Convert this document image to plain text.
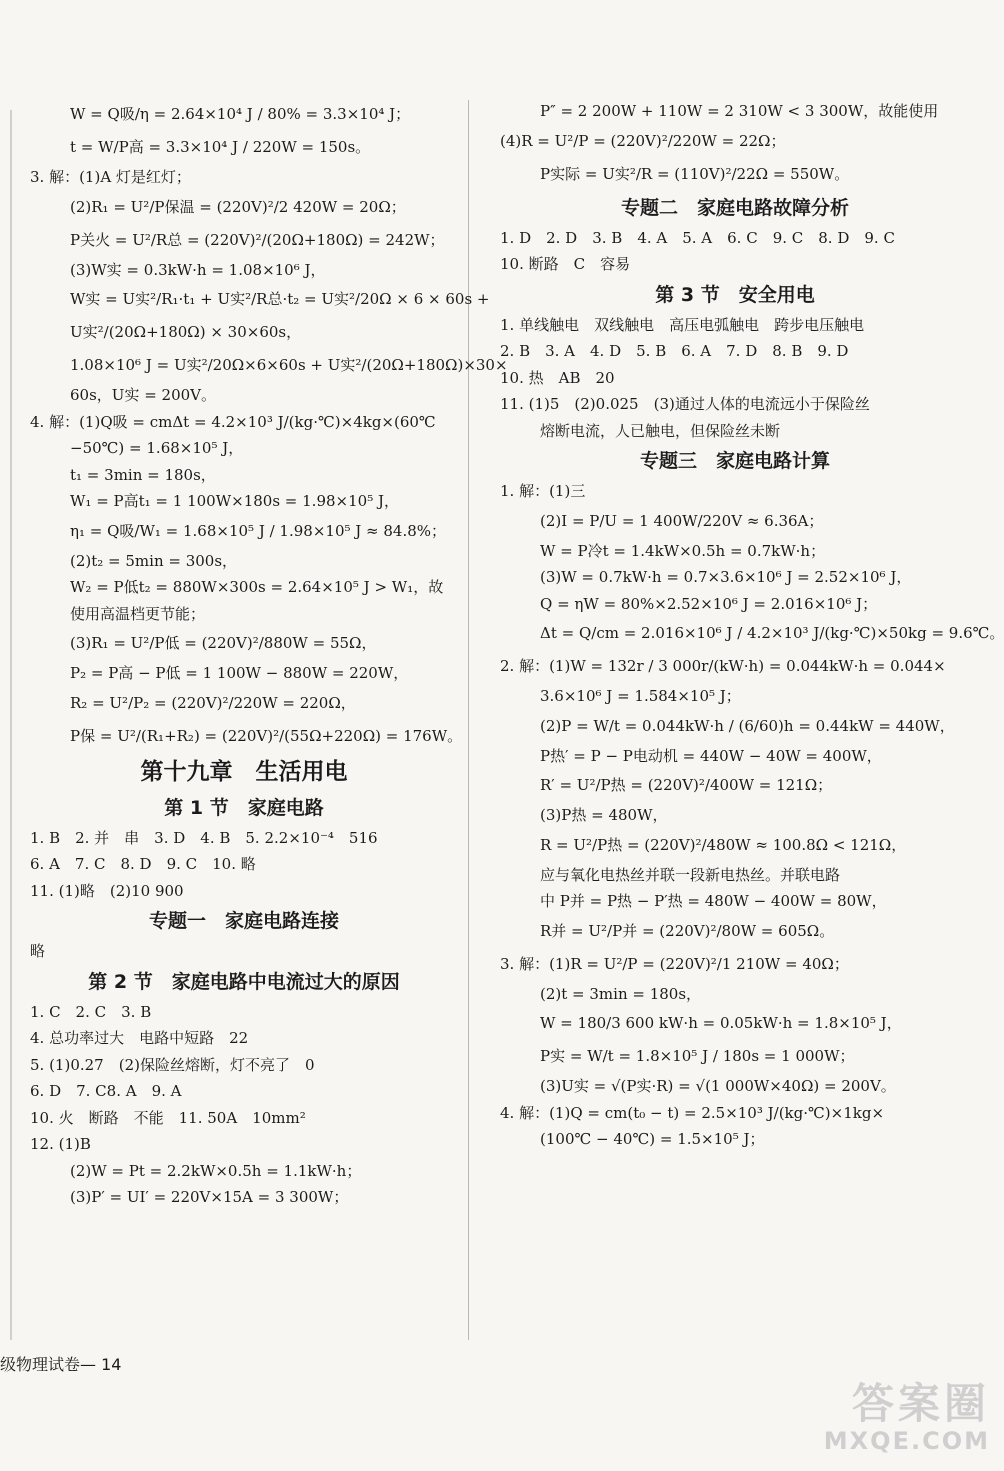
W = Q吸/η = 2.64×10⁴ J / 80% = 3.3×10⁴ J；
t = W/P高 = 3.3×10⁴ J / 220W = 150s。
3. 解：(1)A 灯是红灯；
(2)R₁ = U²/P保温 = (220V)²/2 420W = 20Ω；
P关火 = U²/R总 = (220V)²/(20Ω+180Ω) = 242W；
(3)W实 = 0.3kW·h = 1.08×10⁶ J，
W实 = U实²/R₁·t₁ + U实²/R总·t₂ = U实²/20Ω × 6 × 60s +
U实²/(20Ω+180Ω) × 30×60s，
1.08×10⁶ J = U实²/20Ω×6×60s + U实²/(20Ω+180Ω)×30×
60s，U实 = 200V。
4. 解：(1)Q吸 = cmΔt = 4.2×10³ J/(kg·℃)×4kg×(60℃
−50℃) = 1.68×10⁵ J，
t₁ = 3min = 180s，
W₁ = P高t₁ = 1 100W×180s = 1.98×10⁵ J，
η₁ = Q吸/W₁ = 1.68×10⁵ J / 1.98×10⁵ J ≈ 84.8%；
(2)t₂ = 5min = 300s，
W₂ = P低t₂ = 880W×300s = 2.64×10⁵ J > W₁，故
使用高温档更节能；
(3)R₁ = U²/P低 = (220V)²/880W = 55Ω，
P₂ = P高 − P低 = 1 100W − 880W = 220W，
R₂ = U²/P₂ = (220V)²/220W = 220Ω，
P保 = U²/(R₁+R₂) = (220V)²/(55Ω+220Ω) = 176W。
第十九章　生活用电
第 1 节　家庭电路
1. B　2. 并　串　3. D　4. B　5. 2.2×10⁻⁴　516
6. A　7. C　8. D　9. C　10. 略
11. (1)略　(2)10 900
专题一　家庭电路连接
略
第 2 节　家庭电路中电流过大的原因
1. C　2. C　3. B
4. 总功率过大　电路中短路　22
5. (1)0.27　(2)保险丝熔断，灯不亮了　0
6. D　7. C8. A　9. A
10. 火　断路　不能　11. 50A　10mm²
12. (1)B
(2)W = Pt = 2.2kW×0.5h = 1.1kW·h；
(3)P′ = UI′ = 220V×15A = 3 300W；
P″ = 2 200W + 110W = 2 310W < 3 300W，故能使用
(4)R = U²/P = (220V)²/220W = 22Ω；
P实际 = U实²/R = (110V)²/22Ω = 550W。
专题二　家庭电路故障分析
1. D　2. D　3. B　4. A　5. A　6. C　9. C　8. D　9. C
10. 断路　C　容易
第 3 节　安全用电
1. 单线触电　双线触电　高压电弧触电　跨步电压触电
2. B　3. A　4. D　5. B　6. A　7. D　8. B　9. D
10. 热　AB　20
11. (1)5　(2)0.025　(3)通过人体的电流远小于保险丝
熔断电流，人已触电，但保险丝未断
专题三　家庭电路计算
1. 解：(1)三
(2)I = P/U = 1 400W/220V ≈ 6.36A；
W = P冷t = 1.4kW×0.5h = 0.7kW·h；
(3)W = 0.7kW·h = 0.7×3.6×10⁶ J = 2.52×10⁶ J，
Q = ηW = 80%×2.52×10⁶ J = 2.016×10⁶ J；
Δt = Q/cm = 2.016×10⁶ J / 4.2×10³ J/(kg·℃)×50kg = 9.6℃。
2. 解：(1)W = 132r / 3 000r/(kW·h) = 0.044kW·h = 0.044×
3.6×10⁶ J = 1.584×10⁵ J；
(2)P = W/t = 0.044kW·h / (6/60)h = 0.44kW = 440W，
P热′ = P − P电动机 = 440W − 40W = 400W，
R′ = U²/P热 = (220V)²/400W = 121Ω；
(3)P热 = 480W，
R = U²/P热 = (220V)²/480W ≈ 100.8Ω < 121Ω，
应与氧化电热丝并联一段新电热丝。并联电路
中 P并 = P热 − P′热 = 480W − 400W = 80W，
R并 = U²/P并 = (220V)²/80W = 605Ω。
3. 解：(1)R = U²/P = (220V)²/1 210W = 40Ω；
(2)t = 3min = 180s，
W = 180/3 600 kW·h = 0.05kW·h = 1.8×10⁵ J，
P实 = W/t = 1.8×10⁵ J / 180s = 1 000W；
(3)U实 = √(P实·R) = √(1 000W×40Ω) = 200V。
4. 解：(1)Q = cm(t₀ − t) = 2.5×10³ J/(kg·℃)×1kg×
(100℃ − 40℃) = 1.5×10⁵ J；
级物理试卷— 14
答案圈
MXQE.COM
